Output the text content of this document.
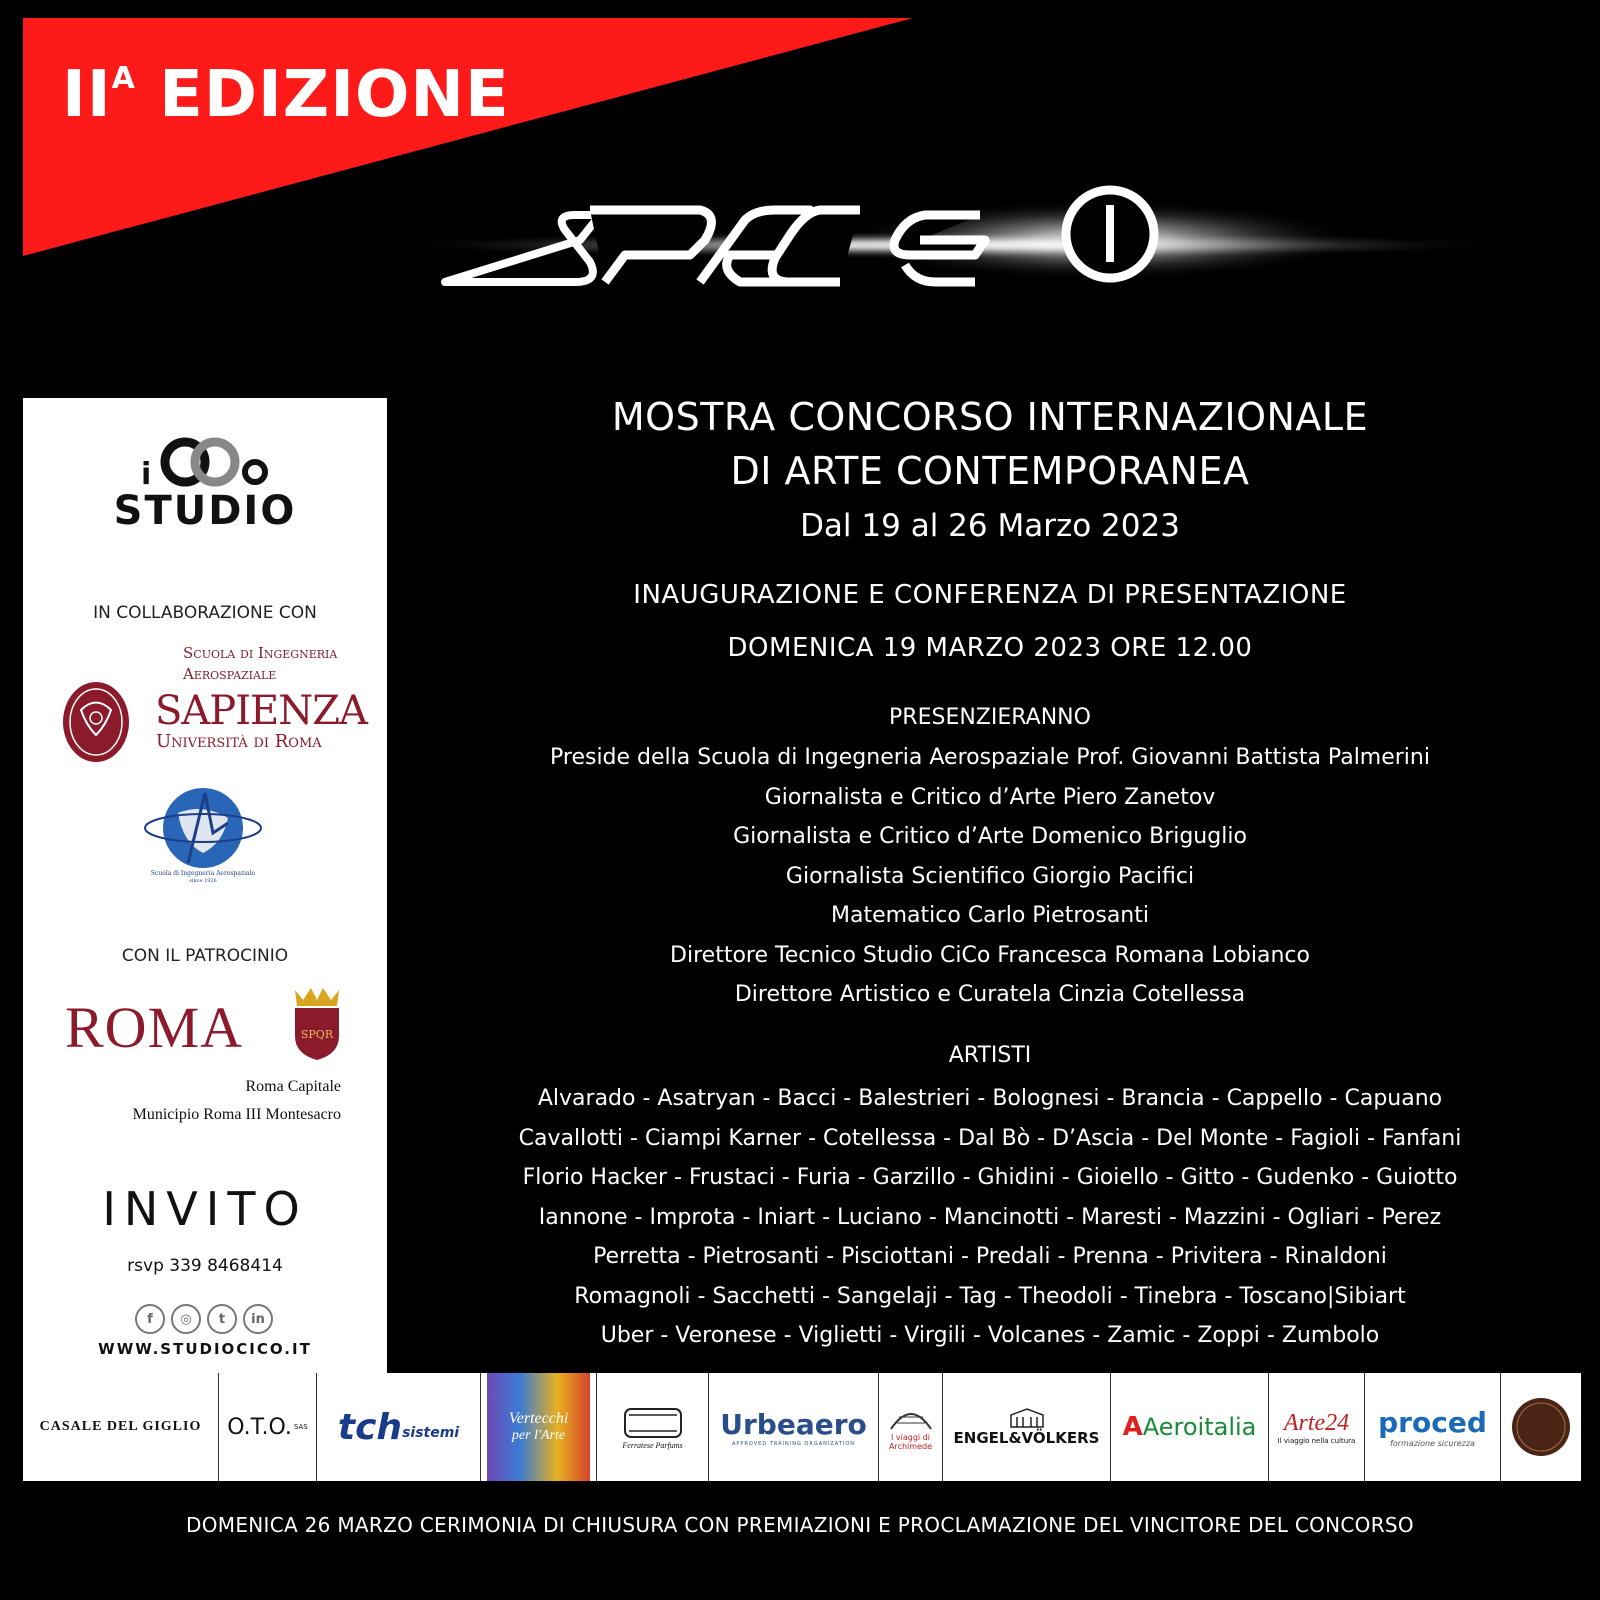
$II^A$ EDIZIONE
i
STUDIO
IN COLLABORAZIONE CON
Scuola di Ingegneria
Aerospaziale
SAPIENZA
Università di Roma
Scuola di Ingegneria Aerospaziale
since 1926
CON IL PATROCINIO
ROMA	SPQR
Roma Capitale
Municipio Roma III Montesacro
INVITO
rsvp 339 8468414
f	◎	t	in
WWW.STUDIOCICO.IT
MOSTRA CONCORSO INTERNAZIONALE
DI ARTE CONTEMPORANEA
Dal 19 al 26 Marzo 2023
INAUGURAZIONE E CONFERENZA DI PRESENTAZIONE
DOMENICA 19 MARZO 2023 ORE 12.00
PRESENZIERANNO
Preside della Scuola di Ingegneria Aerospaziale Prof. Giovanni Battista Palmerini
Giornalista e Critico d’Arte Piero Zanetov
Giornalista e Critico d’Arte Domenico Briguglio
Giornalista Scientifico Giorgio Pacifici
Matematico Carlo Pietrosanti
Direttore Tecnico Studio CiCo Francesca Romana Lobianco
Direttore Artistico e Curatela Cinzia Cotellessa
ARTISTI
Alvarado - Asatryan - Bacci - Balestrieri - Bolognesi - Brancia - Cappello - Capuano
Cavallotti - Ciampi Karner - Cotellessa - Dal Bò - D’Ascia - Del Monte - Fagioli - Fanfani
Florio Hacker - Frustaci - Furia - Garzillo - Ghidini - Gioiello - Gitto - Gudenko - Guiotto
Iannone - Improta - Iniart - Luciano - Mancinotti - Maresti - Mazzini - Ogliari - Perez
Perretta - Pietrosanti - Pisciottani - Predali - Prenna - Privitera - Rinaldoni
Romagnoli - Sacchetti - Sangelaji - Tag - Theodoli - Tinebra - Toscano|Sibiart
Uber - Veronese - Viglietti - Virgili - Volcanes - Zamic - Zoppi - Zumbolo
CASALE DEL GIGLIO O.T.O. SAS tch sistemi
Vertecchi
per l'Arte
Ferratese Parfums
Urbeaero
APPROVED TRAINING ORGANIZATION
I viaggi di Archimede ENGEL&VÖLKERS A Aeroitalia Arte24
Il viaggio nella cultura
proced
formazione sicurezza
DOMENICA 26 MARZO CERIMONIA DI CHIUSURA CON PREMIAZIONI E PROCLAMAZIONE DEL VINCITORE DEL CONCORSO
